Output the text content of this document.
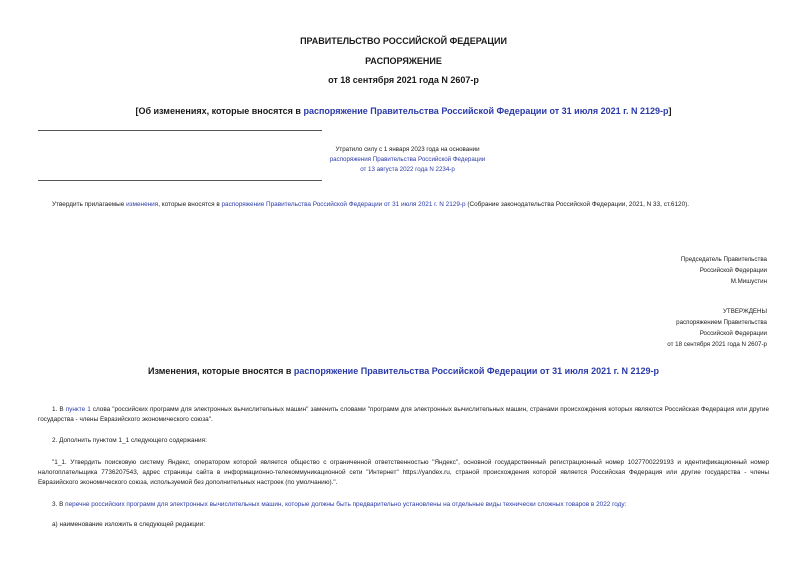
ПРАВИТЕЛЬСТВО РОССИЙСКОЙ ФЕДЕРАЦИИ
РАСПОРЯЖЕНИЕ
от 18 сентября 2021 года N 2607-р
[Об изменениях, которые вносятся в распоряжение Правительства Российской Федерации от 31 июля 2021 г. N 2129-р]
Утратило силу с 1 января 2023 года на основании
распоряжения Правительства Российской Федерации
от 13 августа 2022 года N 2234-р
Утвердить прилагаемые изменения, которые вносятся в распоряжение Правительства Российской Федерации от 31 июля 2021 г. N 2129-р (Собрание законодательства Российской Федерации, 2021, N 33, ст.6120).
Председатель Правительства
Российской Федерации
М.Мишустин
УТВЕРЖДЕНЫ
распоряжением Правительства
Российской Федерации
от 18 сентября 2021 года N 2607-р
Изменения, которые вносятся в распоряжение Правительства Российской Федерации от 31 июля 2021 г. N 2129-р
1. В пункте 1 слова "российских программ для электронных вычислительных машин" заменить словами "программ для электронных вычислительных машин, странами происхождения которых являются Российская Федерация или другие государства - члены Евразийского экономического союза".
2. Дополнить пунктом 1_1 следующего содержания:
"1_1. Утвердить поисковую систему Яндекс, оператором которой является общество с ограниченной ответственностью "Яндекс", основной государственный регистрационный номер 1027700229193 и идентификационный номер налогоплательщика 7736207543, адрес страницы сайта в информационно-телекоммуникационной сети "Интернет" https://yandex.ru, страной происхождения которой является Российская Федерация или другие государства - члены Евразийского экономического союза, используемой без дополнительных настроек (по умолчанию).".
3. В перечне российских программ для электронных вычислительных машин, которые должны быть предварительно установлены на отдельные виды технически сложных товаров в 2022 году:
а) наименование изложить в следующей редакции:
